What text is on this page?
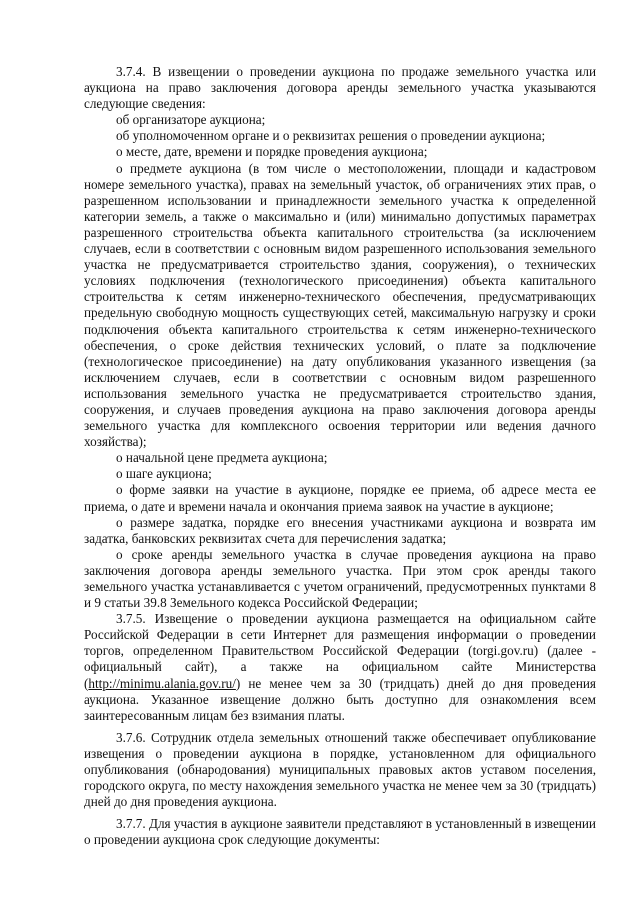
3.7.4. В извещении о проведении аукциона по продаже земельного участка или аукциона на право заключения договора аренды земельного участка указываются следующие сведения:

об организаторе аукциона;

об уполномоченном органе и о реквизитах решения о проведении аукциона;

о месте, дате, времени и порядке проведения аукциона;

о предмете аукциона (в том числе о местоположении, площади и кадастровом номере земельного участка), правах на земельный участок, об ограничениях этих прав, о разрешенном использовании и принадлежности земельного участка к определенной категории земель, а также о максимально и (или) минимально допустимых параметрах разрешенного строительства объекта капитального строительства (за исключением случаев, если в соответствии с основным видом разрешенного использования земельного участка не предусматривается строительство здания, сооружения), о технических условиях подключения (технологического присоединения) объекта капитального строительства к сетям инженерно-технического обеспечения, предусматривающих предельную свободную мощность существующих сетей, максимальную нагрузку и сроки подключения объекта капитального строительства к сетям инженерно-технического обеспечения, о сроке действия технических условий, о плате за подключение (технологическое присоединение) на дату опубликования указанного извещения (за исключением случаев, если в соответствии с основным видом разрешенного использования земельного участка не предусматривается строительство здания, сооружения, и случаев проведения аукциона на право заключения договора аренды земельного участка для комплексного освоения территории или ведения дачного хозяйства);

о начальной цене предмета аукциона;

о шаге аукциона;

о форме заявки на участие в аукционе, порядке ее приема, об адресе места ее приема, о дате и времени начала и окончания приема заявок на участие в аукционе;

о размере задатка, порядке его внесения участниками аукциона и возврата им задатка, банковских реквизитах счета для перечисления задатка;

о сроке аренды земельного участка в случае проведения аукциона на право заключения договора аренды земельного участка. При этом срок аренды такого земельного участка устанавливается с учетом ограничений, предусмотренных пунктами 8 и 9 статьи 39.8 Земельного кодекса Российской Федерации;

3.7.5. Извещение о проведении аукциона размещается на официальном сайте Российской Федерации в сети Интернет для размещения информации о проведении торгов, определенном Правительством Российской Федерации (torgi.gov.ru) (далее - официальный сайт), а также на официальном сайте Министерства (http://minimu.alania.gov.ru/) не менее чем за 30 (тридцать) дней до дня проведения аукциона. Указанное извещение должно быть доступно для ознакомления всем заинтересованным лицам без взимания платы.

3.7.6. Сотрудник отдела земельных отношений также обеспечивает опубликование извещения о проведении аукциона в порядке, установленном для официального опубликования (обнародования) муниципальных правовых актов уставом поселения, городского округа, по месту нахождения земельного участка не менее чем за 30 (тридцать) дней до дня проведения аукциона.

3.7.7. Для участия в аукционе заявители представляют в установленный в извещении о проведении аукциона срок следующие документы:
